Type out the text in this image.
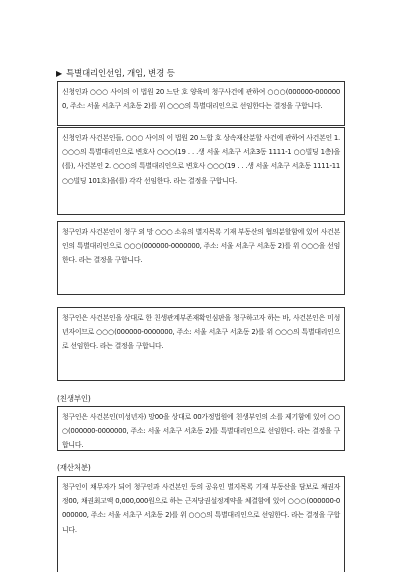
▶ 특별대리인선임, 개임, 변경 등
신청인과 ○○○ 사이의 이 법원 20 느단 호 양육비 청구사건에 관하여 ○○○(000000-0000000, 주소: 서울 서초구 서초동 2)를 위 ○○○의 특별대리인으로 선임한다는 결정을 구합니다.
신청인과 사건본인들, ○○○ 사이의 이 법원 20 느합 호 상속재산분할 사건에 관하여 사건본인 1. ○○○의 특별대리인으로 변호사 ○○○(19 . . .생 서울 서초구 서초3동 1111-1 ○○빌딩 1층)을(를), 사건본인 2. ○○○의 특별대리인으로 변호사 ○○○(19 . . .생 서울 서초구 서초동 1111-11 ○○빌딩 101호)을(를) 각각 선임한다. 라는 결정을 구합니다.
청구인과 사건본인이 청구 외 망 ○○○ 소유의 별지목록 기재 부동산의 협의분할함에 있어 사건본인의 특별대리인으로 ○○○(000000-0000000, 주소: 서울 서초구 서초동 2)를 위 ○○○을 선임한다. 라는 결정을 구합니다.
청구인은 사건본인을 상대로 한 친생관계부존재확인심판을 청구하고자 하는 바, 사건본인은 미성년자이므로 ○○○(000000-0000000, 주소: 서울 서초구 서초동 2)를 위 ○○○의 특별대리인으로 선임한다. 라는 결정을 구합니다.
(친생부인)
청구인은 사건본인(미성년자) 망00을 상대로 00가정법원에 친생부인의 소를 제기함에 있어 ○○○(000000-0000000, 주소: 서울 서초구 서초동 2)를 특별대리인으로 선임한다. 라는 결정을 구합니다.
(재산처분)
청구인이 채무자가 되어 청구인과 사건본인 등의 공유인 별지목록 기재 부동산을 담보로 채권자 정00, 채권최고액 0,000,000원으로 하는 근저당권설정계약을 체결함에 있어 ○○○(000000-0000000, 주소: 서울 서초구 서초동 2)를 위 ○○○의 특별대리인으로 선임한다. 라는 결정을 구합니다.
